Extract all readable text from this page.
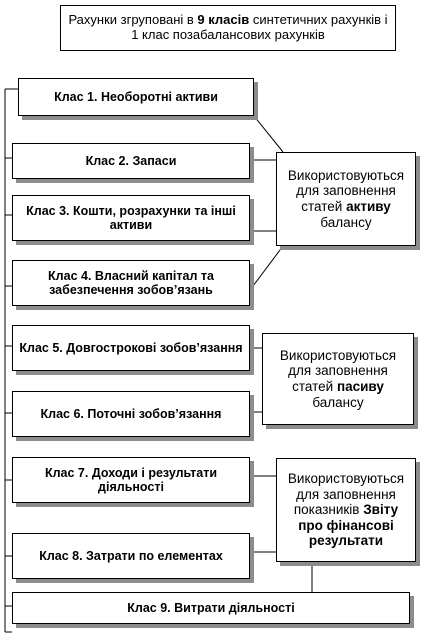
Рахунки згруповані в 9 класів синтетичних рахунків і 1 клас позабалансових рахунків
Клас 1. Необоротні активи
Клас 2. Запаси
Клас 3. Кошти, розрахунки та інші активи
Клас 4. Власний капітал та забезпечення зобов’язань
Клас 5. Довгострокові зобов’язання
Клас 6. Поточні зобов’язання
Клас 7. Доходи і результати діяльності
Клас 8. Затрати по елементах
Клас 9. Витрати діяльності
Використовуються для заповнення статей активу балансу
Використовуються для заповнення статей пасиву балансу
Використовуються для заповнення показників Звіту про фінансові результати
